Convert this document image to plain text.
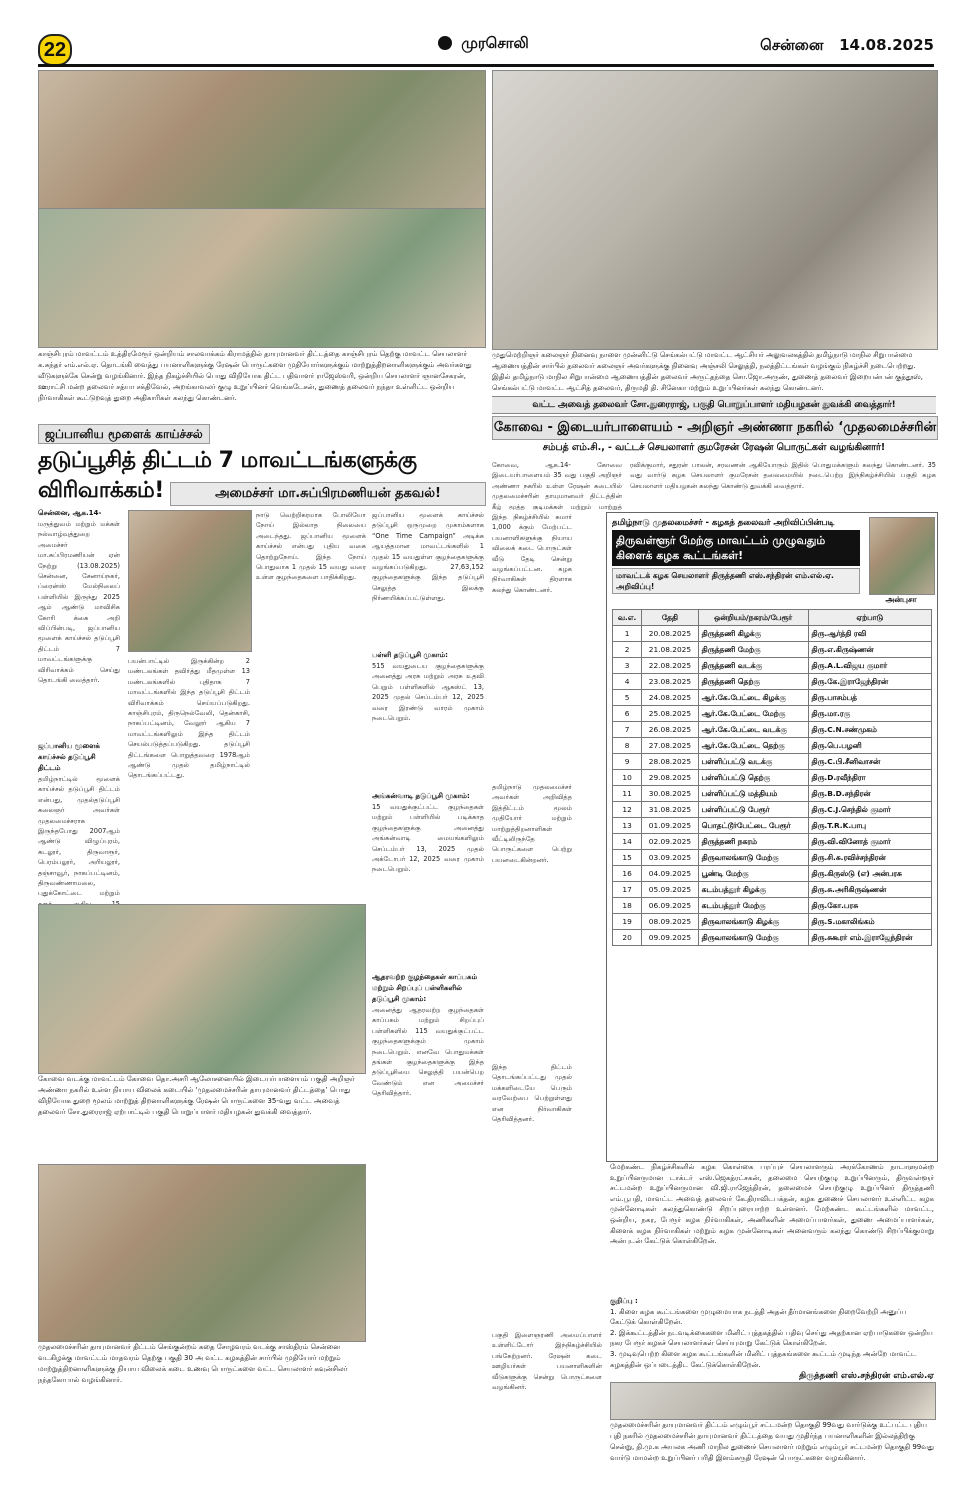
22	முரசொலி	சென்னை 14.08.2025
காஞ்சிபுரம் மாவட்டம் உத்திரமேரூர் ஒன்றியம் சாலவாக்கம் கிராமத்தில் தாயுமானவர் திட்டத்தை காஞ்சிபுரம் தெற்கு மாவட்ட செயலாளர் க.சுந்தர் எம்.எல்.ஏ. தொடங்கி வைத்து பயனாளிகளுக்கு ரேஷன் பொருட்களை முதியோர்களுக்கும் மாற்றுத்திறனாளிகளுக்கும் அவர்களது வீடுகளுக்கே சென்று வழங்கினார். இந்த நிகழ்ச்சியில் பொது விநியோக திட்ட பதிவாளர் ராஜேஸ்வரி, ஒன்றிய செயலாளர் ஞானசேகரன், ஊராட்சி மன்ற தலைவர் சத்யா சக்திவேல், அறங்காவலர் குழு உறுப்பினர் வெங்கடேசன், துணைத் தலைவர் நந்தா உள்ளிட்ட ஒன்றிய நிர்வாகிகள் கூட்டுறவுத் துறை அதிகாரிகள் கலந்து கொண்டனர்.
முதுமெற்றிஞர் கலைஞர் நினைவு நாளை முன்னிட்டு செங்கல்பட்டு மாவட்ட ஆட்சியர் அலுவலகத்தில் தமிழ்நாடு மாநில சிறுபான்மை ஆணையத்தின் சார்பில் தலைவர் கலைஞர் அவர்களுக்கு நினைவு அஞ்சலி செலுத்தி, நலத்திட்டங்கள் வழங்கும் நிகழ்ச்சி நடைபெற்றது. இதில் தமிழ்நாடு மாநில சிறுபான்மை ஆணையத்தின் தலைவர் அருட்தந்தை சொ.ஜோ.அருண், துணைத் தலைவர் இறையன்பன் குத்தூஸ், செங்கல்பட்டு மாவட்ட ஆட்சித் தலைவர், திருமதி தி. சினேகா மற்றும் உறுப்பினர்கள் கலந்து கொண்டனர்.
வட்ட அவைத் தலைவர் சோ.துரைராஜ், பகுதி பொறுப்பாளர் மதியழகன் துவக்கி வைத்தார்!
ஜப்பானிய மூளைக் காய்ச்சல்
தடுப்பூசித் திட்டம் 7 மாவட்டங்களுக்கு விரிவாக்கம்!	அமைச்சர் மா.சுப்பிரமணியன் தகவல்!
சென்னை, ஆக.14-
மருத்துவம் மற்றும் மக்கள் நல்வாழ்வுத்துறை அமைச்சர் மா.சுப்பிரமணியன் ஏன் நேற்று (13.08.2025) சென்னை, சேனாய்நகர், ப்ரைன்ஸ் மேல்நிலைப் பள்ளியில் இருந்து 2025 ஆம் ஆண்டு மாவிசிக கோரி க்கை அறி விப்பின்படி, ஜப்பானிய மூளைக் காய்ச்சல் தடுப்பூசி திட்டம் 7 மாவட்டங்களுக்கு விரிவாக்கம் செய்து தொடங்கி வைத்தார்.
ஜப்பானிய மூளைக் காய்ச்சல் தடுப்பூசி திட்டம்
தமிழ்நாட்டில் மூளைக் காய்ச்சல் தடுப்பூசி திட்டம் என்பது, முதல்தடுப்பூசி கலைஞர் அவர்கள் முதலமைச்சராக இருந்தபோது 2007ஆம் ஆண்டு விழுப்புரம், கடலூர், திருவாரூர், பெரம்பலூர், அரியலூர், தஞ்சாவூர், நாகப்பட்டினம், திருவண்ணாமலை, புதுக்கோட்டை மற்றும்
பயன்பாட்டில் இருக்கின்ற 2 மண்டலங்கள் தவிர்த்து மீதமுள்ள 13 மண்டலங்களில் புதிதாக 7 மாவட்டங்களில் இந்த தடுப்பூசி திட்டம் விரிவாக்கம் செய்யப்படுகிறது. காஞ்சிபுரம், திருநெல்வேலி, தென்காசி, நாகப்பட்டினம், வேலூர் ஆகிய 7 மாவட்டங்களிலும் இந்த திட்டம் செயல்படுத்தப்படுகிறது. தடுப்பூசி திட்டங்களை பொறுத்தவரை 1978ஆம் ஆண்டு முதல் தமிழ்நாட்டில் தொடங்கப்பட்டது.
நாடு வெற்றிகரமாக போலியோ நோய் இல்லாத நிலையை அடைந்தது. ஜப்பானிய மூளைக் காய்ச்சல் என்பது புதிய வகை தொற்றுநோய். இந்த நோய் பொதுவாக 1 முதல் 15 வயது வரை உள்ள குழந்தைகளை பாதிக்கிறது.
ஜப்பானிய மூளைக் காய்ச்சல் தடுப்பூசி ஒருமுறை முகாம்களாக “One Time Campaign” அடிக்க ஆயத்தமான மாவட்டங்களில் 1 முதல் 15 வயதுள்ள குழந்தைகளுக்கு வழங்கப்படுகிறது. 27,63,152 குழந்தைகளுக்கு இந்த தடுப்பூசி செலுத்த இலக்கு நிர்ணயிக்கப்பட்டுள்ளது.
பள்ளி தடுப்பூசி முகாம்:
515 வயதுடைய குழந்தைகளுக்கு அனைத்து அரசு மற்றும் அரசு உதவி பெறும் பள்ளிகளில் ஆகஸ்ட் 13, 2025 முதல் செப்டம்பர் 12, 2025 வரை இரண்டு வாரம் முகாம் நடைபெறும்.
அங்கன்வாடி தடுப்பூசி முகாம்:
15 வயதுக்குட்பட்ட குழந்தைகள் மற்றும் பள்ளியில் படிக்காத குழந்தைகளுக்கு அனைத்து அங்கன்வாடி மையங்களிலும் செப்டம்பர் 13, 2025 முதல் அக்டோபர் 12, 2025 வரை முகாம் நடைபெறும்.
ஆதரவற்ற குழந்தைகள் காப்பகம் மற்றும் சிறப்புப் பள்ளிகளில் தடுப்பூசி முகாம்:
அனைத்து ஆதரவற்ற குழந்தைகள் காப்பகம் மற்றும் சிறப்புப் பள்ளிகளில் 115 வயதுக்குட்பட்ட குழந்தைகளுக்கும் முகாம் நடைபெறும். எனவே பொதுமக்கள் தங்கள் குழந்தைகளுக்கு இந்த தடுப்பூசியை செலுத்தி பயன்பெற வேண்டும் என அமைச்சர் தெரிவித்தார்.
கோவை வடக்கு மாவட்டம் கோவை தொ.அசரி ஆலோசனையில் இடையர்பாளையம் பகுதி அறிஞர் அண்ணா நகரில் உள்ள நியாய விலைக் கடையில் ‘முதலமைச்சரின் தாயுமானவர் திட்டத்தை’ பொது விநியோக துறை மூலம் மாற்றுத் திறனாளிகளுக்கு ரேஷன் பொருட்களை 35-வது வட்ட அவைத் தலைவர் சோ.துரைராஜ் ஏற்பாட்டில் பகுதி பொறுப்பாளர் மதியழகன் துவக்கி வைத்தார்.
முதலமைச்சரின் தாயுமானவர் திட்டம் செங்குன்றம் கதை சோழவரம் வடக்கு சாஸ்திரம் சென்னை வடகிழக்கு மாவட்டம் மாதவரம் தெற்கு பகுதி 30 அ வட்ட கழகத்தின் சார்பில் முதியோர் மற்றும் மாற்றுத்திறனாளிகளுக்கு நியாய விலைக் கடை உணவு பொருட்களை வட்ட செயலாளர் கவுன்சிலர் நந்தகோபால் வழங்கினார்.
கோவை - இடையர்பாளையம் - அறிஞர் அண்ணா நகரில் ‘முதலமைச்சரின்
சம்பத் எம்.சி., - வட்டச் செயலாளர் குமரேசன் ரேஷன் பொருட்கள் வழங்கினார்!
கோவை, ஆக.14- கோவை இடையர்பாளையம் 35 வது பகுதி அறிஞர் அண்ணா நகரில் உள்ள ரேஷன் கடையில் முதலமைச்சரின் தாயுமானவர் திட்டத்தின் கீழ் மூத்த குடிமக்கள் மற்றும் மாற்றுத்
ரவிக்குமார், சதுரன் பாலன், சரவணன் ஆகியோரும் இதில் பொதுமக்களும் கலந்து கொண்டனர். 35 வது வார்டு கழக செயலாளர் குமரேசன் தலைமையில் நடைபெற்ற இந்நிகழ்ச்சியில் பகுதி கழக செயலாளர் மதியழகன் கலந்து கொண்டு துவக்கி வைத்தார்.
இந்த நிகழ்ச்சியில் சுமார் 1,000 க்கும் மேற்பட்ட பயனாளிகளுக்கு நியாய விலைக் கடை பொருட்கள் வீடு தேடி சென்று வழங்கப்பட்டன. கழக நிர்வாகிகள் திரளாக கலந்து கொண்டனர்.
தமிழ்நாடு முதலமைச்சர் அவர்கள் அறிவித்த இத்திட்டம் மூலம் முதியோர் மற்றும் மாற்றுத்திறனாளிகள் வீட்டிலிருந்தே பொருட்களை பெற்று பயனடைகின்றனர்.
இந்த திட்டம் தொடங்கப்பட்டது முதல் மக்களிடையே பெரும் வரவேற்பை பெற்றுள்ளது என நிர்வாகிகள் தெரிவித்தனர்.
பகுதி இளைஞரணி அமைப்பாளர் உள்ளிட்டோர் இந்நிகழ்ச்சியில் பங்கேற்றனர். ரேஷன் கடை ஊழியர்கள் பயனாளிகளின் வீடுகளுக்கு சென்று பொருட்களை வழங்கினர்.
தமிழ்நாடு முதலமைச்சர் - கழகத் தலைவர் அறிவிப்பின்படி
திருவள்ளூர் மேற்கு மாவட்டம் முழுவதும் கிளைக் கழக கூட்டங்கள்!
மாவட்டக் கழக செயலாளர் திருத்தணி எஸ்.சந்திரன் எம்.எல்.ஏ. அறிவிப்பு!
அன்புசா
வ.எ.	தேதி	ஒன்றியம்/நகரம்/பேரூர்	ஏற்பாடு
1	20.08.2025	திருத்தணி கிழக்கு	திரு.ஆர்த்தி ரவி
2	21.08.2025	திருத்தணி மேற்கு	திரு.எ.கிருஷ்ணன்
3	22.08.2025	திருத்தணி வடக்கு	திரு.A.L.விஜய குமார்
4	23.08.2025	திருத்தணி தெற்கு	திரு.கே.இராஜேந்திரன்
5	24.08.2025	ஆர்.கே.பேட்டை கிழக்கு	திரு.பாசம்பத்
6	25.08.2025	ஆர்.கே.பேட்டை மேற்கு	திரு.மா.ரகு
7	26.08.2025	ஆர்.கே.பேட்டை வடக்கு	திரு.C.N.சண்முகம்
8	27.08.2025	ஆர்.கே.பேட்டை தெற்கு	திரு.பெ.பழனி
9	28.08.2025	பள்ளிப்பட்டு வடக்கு	திரு.C.பி.சீனிவாசன்
10	29.08.2025	பள்ளிப்பட்டு தெற்கு	திரு.D.ரவீந்திரா
11	30.08.2025	பள்ளிப்பட்டு மத்தியம்	திரு.B.D.சந்திரன்
12	31.08.2025	பள்ளிப்பட்டு பேரூர்	திரு.C.J.செந்தில் குமார்
13	01.09.2025	பொதட்டூர்பேட்டை பேரூர்	திரு.T.R.K.பாபு
14	02.09.2025	திருத்தணி நகரம்	திரு.வி.வினோத் குமார்
15	03.09.2025	திருவாலங்காடு மேற்கு	திரு.சி.சு.ரவிச்சந்திரன்
16	04.09.2025	பூண்டி மேற்கு	திரு.கிருஸ்டு (எ) அன்பரசு
17	05.09.2025	கடம்பத்தூர் கிழக்கு	திரு.சு.அரிகிருஷ்ணன்
18	06.09.2025	கடம்பத்தூர் மேற்கு	திரு.கோ.பரசு
19	08.09.2025	திருவாலங்காடு கிழக்கு	திரு.S.மகாலிங்கம்
20	09.09.2025	திருவாலங்காடு மேற்கு	திரு.சுகூரர் எம்.இராஜேந்திரன்
மேற்கண்ட நிகழ்ச்சிகளில் கழக கொள்கை பரப்புச் செயலாளரும் அரக்கோணம் நாடாளுமன்ற உறுப்பினருமான டாக்டர் எஸ்.ஜெகத்ரட்சகன், தலைமை செயற்குழு உறுப்பினரும், திருவள்ளூர் சட்டமன்ற உறுப்பினருமான வி.ஜி.ராஜேந்திரன், தலைமைச் செயற்குழு உறுப்பினர் திருத்தணி எம்.பூபதி, மாவட்ட அவைத் தலைவர் கே.திராவிடபக்தன், கழக துணைச் செயலாளர் உள்ளிட்ட கழக முன்னோடிகள் கலந்துகொண்டு சிறப்புரையாற்ற உள்ளனர். மேற்கண்ட கூட்டங்களில் மாவட்ட, ஒன்றிய, நகர, பேரூர் கழக நிர்வாகிகள், அணிகளின் அமைப்பாளர்கள், துணை அமைப்பாளர்கள், கிளைக் கழக நிர்வாகிகள் மற்றும் கழக முன்னோடிகள் அனைவரும் கலந்து கொண்டு சிறப்பிக்குமாறு அன்புடன் கேட்டுக் கொள்கிறேன்.
குறிப்பு :
1. கிளை கழக கூட்டங்களை முழுமையாக நடத்தி அதன் தீர்மானங்களை நிறைவேற்றி அனுப்ப கேட்டுக் கொள்கிறேன்.
2. இக்கூட்டத்தின் நடவடிக்கைகளை மினிட் புத்தகத்தில் பதிவு செய்து அதற்கான ஏற்பாடுகளை ஒன்றிய நகர பேரூர் கழகச் செயலாளர்கள் செய்யுமாறு கேட்டுக் கொள்கிறேன்.
3. முடிவுபெற்ற கிளை கழக கூட்டங்களின் மினிட் புத்தகங்களை கூட்டம் முடிந்த அன்றே மாவட்ட கழகத்தின் ஒப்படைத்திட கேட்டுக்கொள்கிறேன்.
திருத்தணி எஸ்.சந்திரன் எம்.எல்.ஏ
முதலமைச்சரின் தாயுமானவர் திட்டம் எழும்பூர் சட்டமன்ற தொகுதி 99வது வார்டுக்கு உட்பட்ட புதிய புதி நகரில் முதலமைச்சரின் தாயுமானவர் திட்டத்தை வயது முதிர்ந்த பயனாளிகளின் இல்லத்திற்கு சென்று, தி.மு.க அயலக அணி மாநில துணைச் செயலாளர் மற்றும் எழும்பூர் சட்டமன்ற தொகுதி 99வது வார்டு மாமன்ற உறுப்பினர் பரிதி இளம்சுருதி ரேஷன் பொருட்களை வழங்கினார்.
